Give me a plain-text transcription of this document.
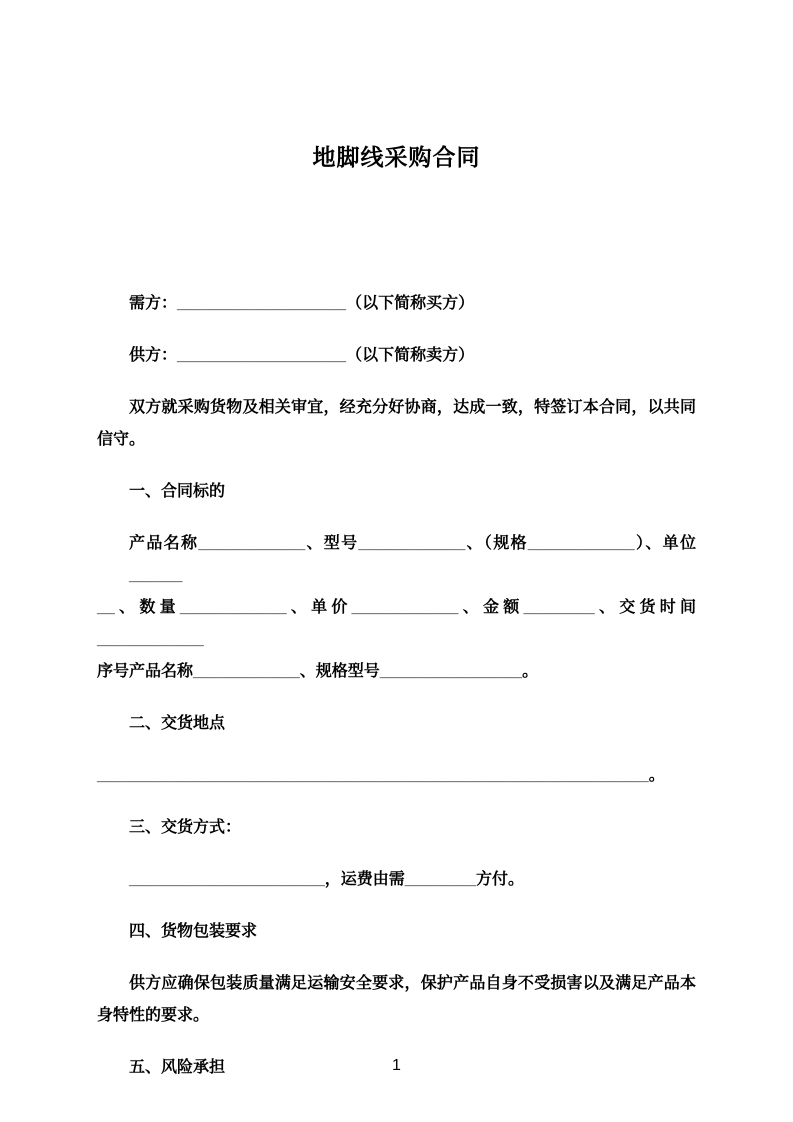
地脚线采购合同
需方：___________________（以下简称买方）
供方：___________________（以下简称卖方）
双方就采购货物及相关审宜，经充分好协商，达成一致，特签订本合同，以共同
信守。
一、合同标的
产品名称____________、型号____________、（规格____________）、单位______
__、数量____________、单价____________、金额________、交货时间____________
序号产品名称____________、规格型号________________。
二、交货地点
______________________________________________________________。
三、交货方式：
______________________，运费由需________方付。
四、货物包装要求
供方应确保包装质量满足运输安全要求，保护产品自身不受损害以及满足产品本
身特性的要求。
五、风险承担	1
